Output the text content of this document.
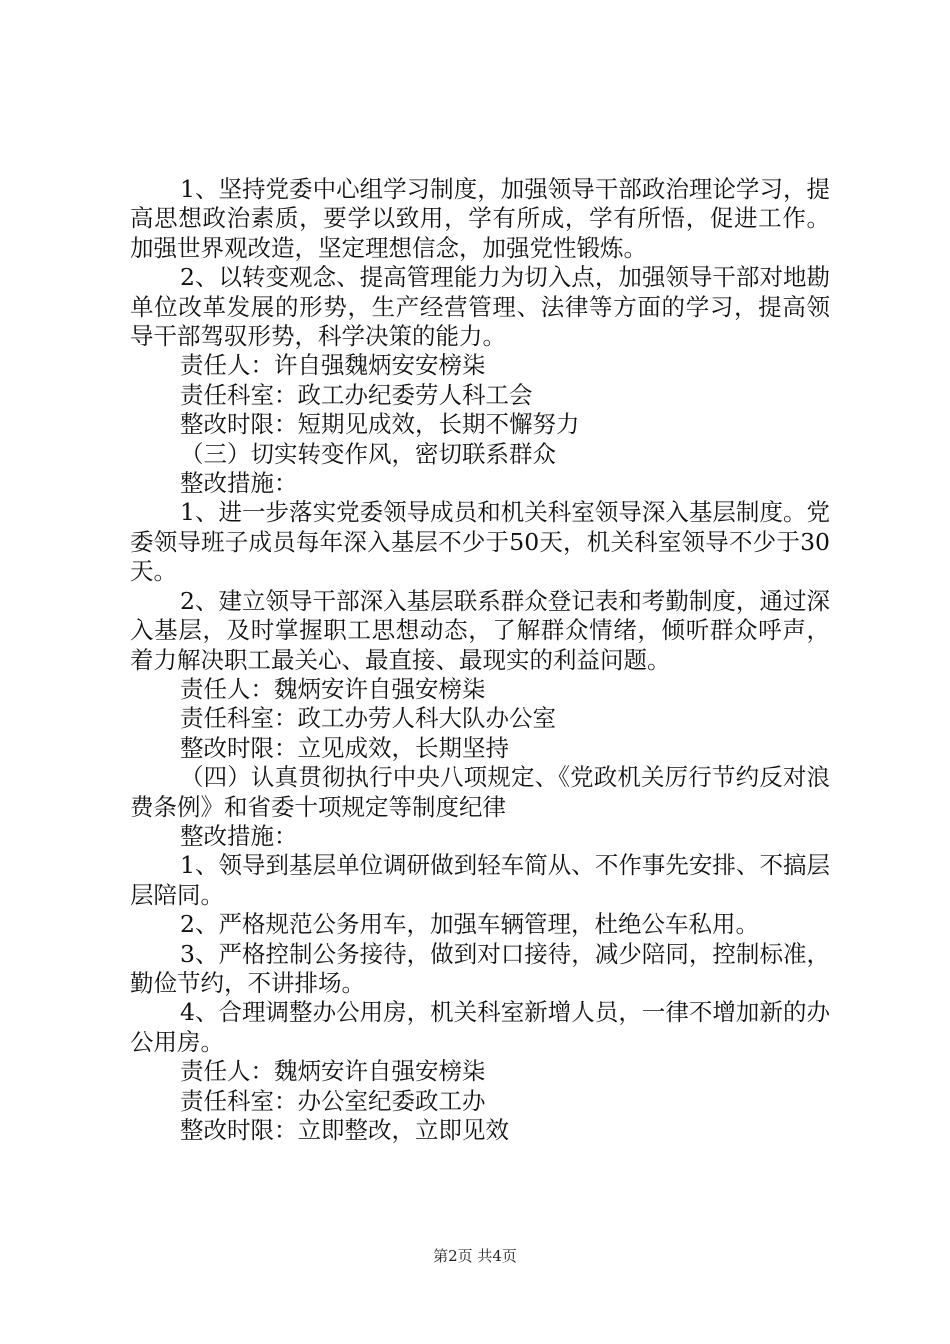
1、坚持党委中心组学习制度，加强领导干部政治理论学习，提高思想政治素质，要学以致用，学有所成，学有所悟，促进工作。加强世界观改造，坚定理想信念，加强党性锻炼。

2、以转变观念、提高管理能力为切入点，加强领导干部对地勘单位改革发展的形势，生产经营管理、法律等方面的学习，提高领导干部驾驭形势，科学决策的能力。

责任人：许自强魏炳安安榜柒

责任科室：政工办纪委劳人科工会

整改时限：短期见成效，长期不懈努力

（三）切实转变作风，密切联系群众

整改措施：

1、进一步落实党委领导成员和机关科室领导深入基层制度。党委领导班子成员每年深入基层不少于50天，机关科室领导不少于30天。

2、建立领导干部深入基层联系群众登记表和考勤制度，通过深入基层，及时掌握职工思想动态，了解群众情绪，倾听群众呼声，着力解决职工最关心、最直接、最现实的利益问题。

责任人：魏炳安许自强安榜柒

责任科室：政工办劳人科大队办公室

整改时限：立见成效，长期坚持

（四）认真贯彻执行中央八项规定、《党政机关厉行节约反对浪费条例》和省委十项规定等制度纪律

整改措施：

1、领导到基层单位调研做到轻车简从、不作事先安排、不搞层层陪同。

2、严格规范公务用车，加强车辆管理，杜绝公车私用。

3、严格控制公务接待，做到对口接待，减少陪同，控制标准，勤俭节约，不讲排场。

4、合理调整办公用房，机关科室新增人员，一律不增加新的办公用房。

责任人：魏炳安许自强安榜柒

责任科室：办公室纪委政工办

整改时限：立即整改，立即见效

第2页 共4页
